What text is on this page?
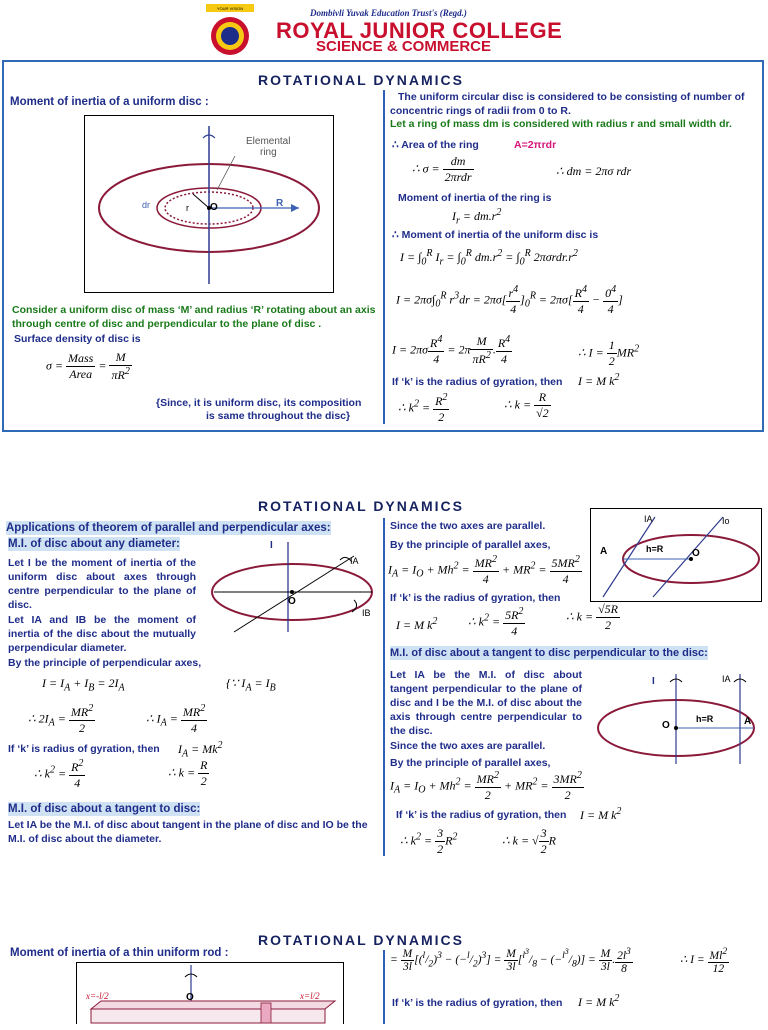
YOUR VISION	Dombivli Yuvak Education Trust's (Regd.)
ROYAL JUNIOR COLLEGE
SCIENCE & COMMERCE
ROTATIONAL DYNAMICS
Moment of inertia of a uniform disc :
Elemental
ring
dr	r O	R
Consider a uniform disc of mass ‘M’ and radius ‘R’ rotating about an axis through centre of disc and perpendicular to the plane of disc .
Surface density of disc is
$\sigma = \frac{\text{Mass}}{\text{Area}} = \frac{M}{\pi R^2}$
{Since, it is uniform disc, its composition
is same throughout the disc}
The uniform circular disc is considered to be consisting of number of concentric rings of radii from 0 to R.
Let a ring of mass dm is considered with radius r and small width dr.
∴ Area of the ring	A=2πrdr
∴ $\sigma = \frac{dm}{\text{2πrdr}}$	∴ dm = 2πσ rdr
Moment of inertia of the ring is
$I_r = dm.r^2$
∴ Moment of inertia of the uniform disc is
$I = \int_0^R$ $I_r = \int_0^R$ $dm.r^2 = \int_0^R$ $2\pi\sigma rdr.r^2$
$I = 2\pi\sigma\int_0^R$ $r^3dr = 2\pi\sigma[ \frac{r^4}{4} ]_0^R = 2\pi\sigma[ \frac{R^4}{4} - \frac{0^4}{4}$ ]
$I = 2\pi\sigma \frac{R^4}{4} = 2\pi \frac{M}{\pi R^2}$ . $\frac{R^4}{4}$	∴ $I = \frac{1}{2} MR^2$
If ‘k’ is the radius of gyration, then I = M $k^2$
∴ $k^2 = \frac{R^2}{2}$	∴ $k = \frac{R}{√2}$
ROTATIONAL DYNAMICS
Applications of theorem of parallel and perpendicular axes:
M.I. of disc about any diameter:
Let I be the moment of inertia of the uniform disc about axes through centre perpendicular to the plane of disc.
Let IA and IB be the moment of inertia of the disc about the mutually perpendicular diameter.
By the principle of perpendicular axes,
I
IA
O
IB
$I = I_A + I_B = 2I_A$	{∵ $I_A = I_B$
∴ $2I_A = \frac{MR^2}{2}$	∴ $I_A = \frac{MR^2}{4}$
If ‘k’ is radius of gyration, then $I_A = Mk^2$
∴ $k^2 = \frac{R^2}{4}$	∴ $k = \frac{R}{2}$
M.I. of disc about a tangent to disc:
Let IA be the M.I. of disc about tangent in the plane of disc and IO be the M.I. of disc about the diameter.
Since the two axes are parallel.
By the principle of parallel axes,
$I_A = I_O + Mh^2 = \frac{MR^2}{4} + MR^2 = \frac{5MR^2}{4}$
If ‘k’ is the radius of gyration, then
I = M $k^2$	∴ $k^2 = \frac{5R^2}{4}$	∴ $k = \frac{√5R}{2}$
A	h=R	O
IA	Io
M.I. of disc about a tangent to disc perpendicular to the disc:
Let IA be the M.I. of disc about tangent perpendicular to the plane of disc and I be the M.I. of disc about the axis through centre perpendicular to the disc.
Since the two axes are parallel.
By the principle of parallel axes,
I	IA
O
h=R	A
$I_A = I_O + Mh^2 = \frac{MR^2}{2} + MR^2 = \frac{3MR^2}{2}$
If ‘k’ is the radius of gyration, then I = M $k^2$
∴ $k^2 = \frac{3}{2} R^2$	∴ k = √ $\frac{3}{2}$ R
ROTATIONAL DYNAMICS
Moment of inertia of a thin uniform rod :
x=-l/2	x=l/2
O
= $\frac{M}{3l} [(^l/_2)^3 - (-^l/_2)^3] = \frac{M}{3l} [^{l^3}/_8 - (-^{l^3}/_8)] = \frac{M}{3l}$ . $\frac{2l^3}{8}$	∴ $I = \frac{Ml^2}{12}$
If ‘k’ is the radius of gyration, then I = M $k^2$
